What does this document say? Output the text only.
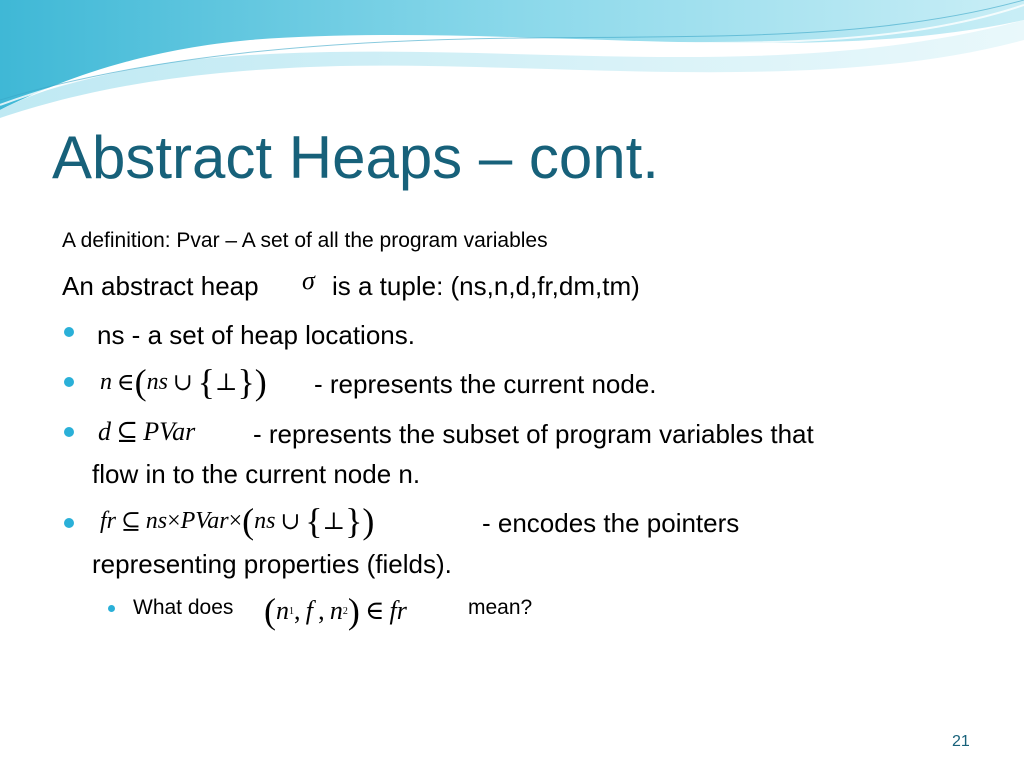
Abstract Heaps – cont.
A definition: Pvar – A set of all the program variables
An abstract heap σ is a tuple: (ns,n,d,fr,dm,tm)
ns - a set of heap locations.
n  ∈ ( ns  ∪  { ⊥ } ) - represents the current node.
d  ⊆  PVar - represents the subset of program variables that
flow in to the current node n.
fr  ⊆  ns × PVar × ( ns  ∪  { ⊥ } )	- encodes the pointers
representing properties (fields).
What does ( n 1 ,  f  ,  n 2 )  ∈  fr	mean?
21
